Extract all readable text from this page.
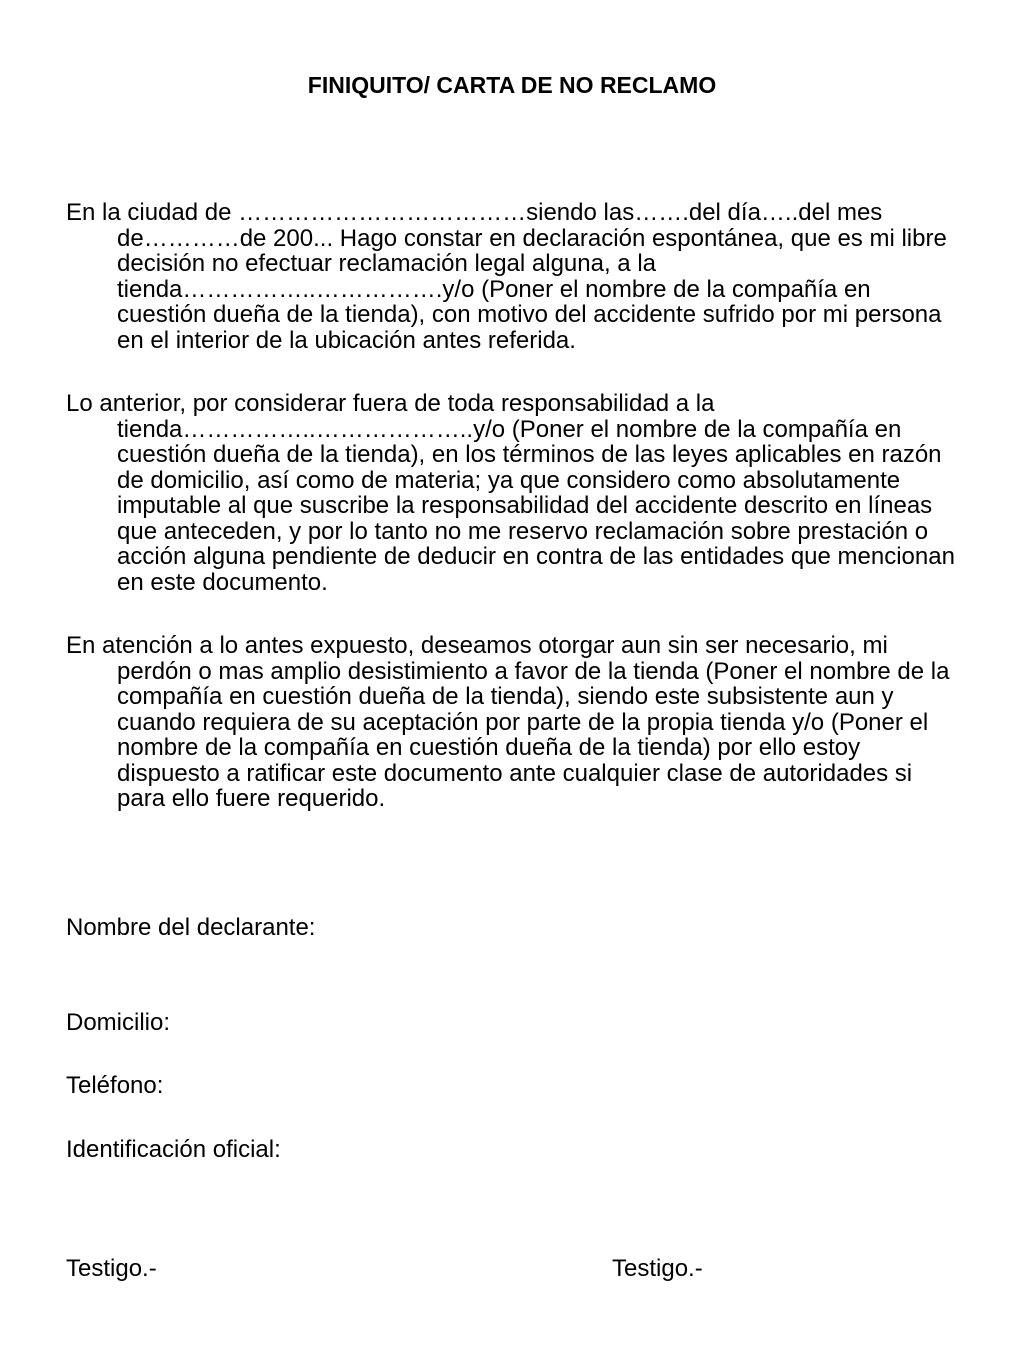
FINIQUITO/ CARTA DE NO RECLAMO

En la ciudad de ………………………………siendo las…….del día…..del mes de…………de 200... Hago constar en declaración espontánea, que es mi libre decisión no efectuar reclamación legal alguna, a la tienda……………..…………….y/o (Poner el nombre de la compañía en cuestión dueña de la tienda), con motivo del accidente sufrido por mi persona en el interior de la ubicación antes referida.

Lo anterior, por considerar fuera de toda responsabilidad a la tienda……………..………………..y/o (Poner el nombre de la compañía en cuestión dueña de la tienda), en los términos de las leyes aplicables en razón de domicilio, así como de materia; ya que considero como absolutamente imputable al que suscribe la responsabilidad del accidente descrito en líneas que anteceden, y por lo tanto no me reservo reclamación sobre prestación o acción alguna pendiente de deducir en contra de las entidades que mencionan en este documento.

En atención a lo antes expuesto, deseamos otorgar aun sin ser necesario, mi perdón o mas amplio desistimiento a favor de la tienda (Poner el nombre de la compañía en cuestión dueña de la tienda), siendo este subsistente aun y cuando requiera de su aceptación por parte de la propia tienda y/o (Poner el nombre de la compañía en cuestión dueña de la tienda) por ello estoy dispuesto a ratificar este documento ante cualquier clase de autoridades si para ello fuere requerido.

Nombre del declarante:

Domicilio:

Teléfono:

Identificación oficial:

Testigo.-	Testigo.-
